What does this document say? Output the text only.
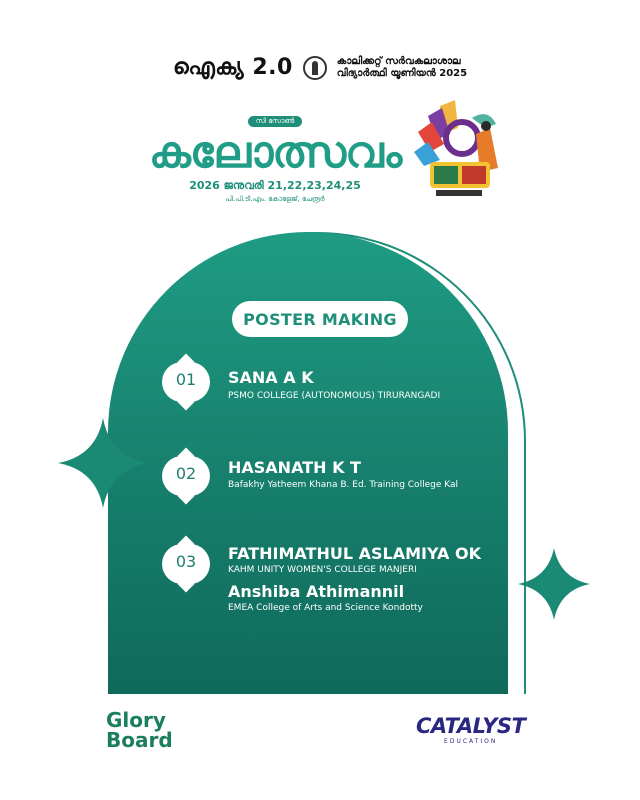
ഐക്യ 2.0	കാലിക്കറ്റ് സർവകലാശാല
വിദ്യാർത്ഥി യൂണിയൻ 2025
സി സോൺ
കലോത്സവം
2026 ജനുവരി 21,22,23,24,25
പി.പി.ടി.എം. കോളേജ്, ചേരൂർ
POSTER MAKING
01	SANA A K
PSMO COLLEGE (AUTONOMOUS) TIRURANGADI
02	HASANATH K T
Bafakhy Yatheem Khana B. Ed. Training College Kal
03	FATHIMATHUL ASLAMIYA OK
KAHM UNITY WOMEN'S COLLEGE MANJERI
Anshiba Athimannil
EMEA College of Arts and Science Kondotty
Glory
Board
CATALYST
EDUCATION
